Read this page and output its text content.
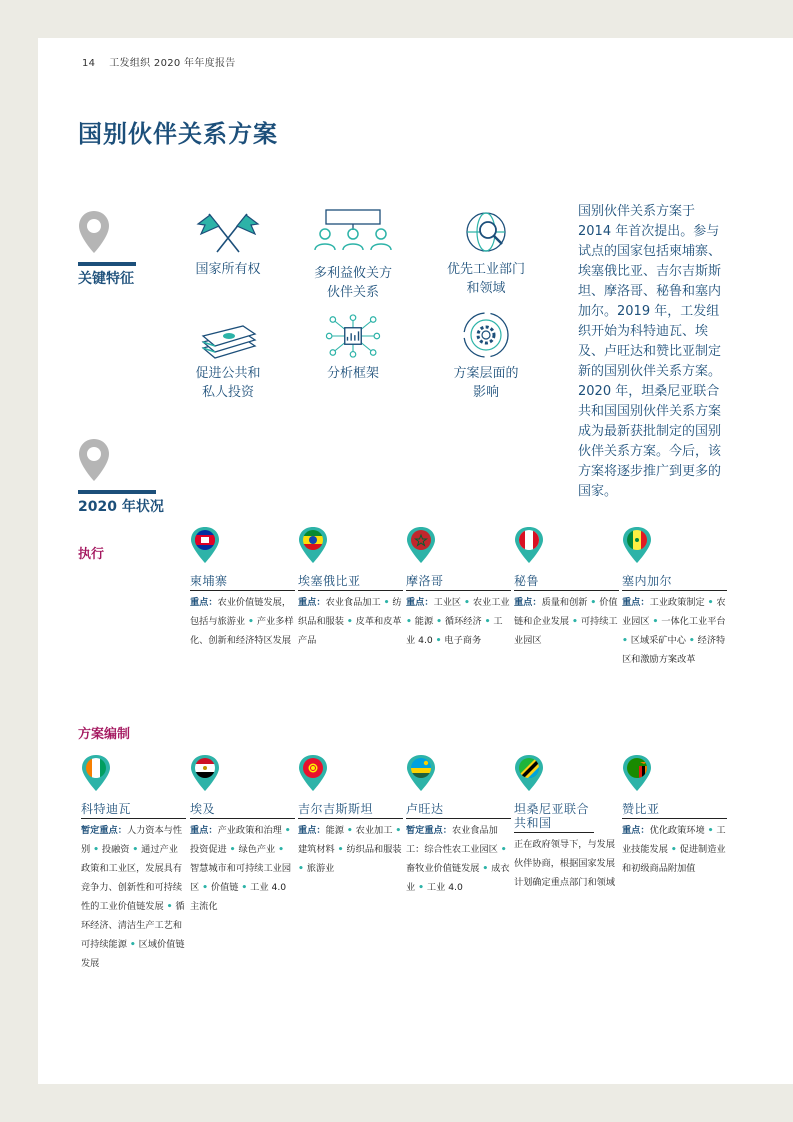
14 工发组织 2020 年年度报告
国别伙伴关系方案
关键特征
国家所有权	多利益攸关方
伙伴关系
优先工业部门
和领域
促进公共和
私人投资
分析框架	方案层面的
影响
国别伙伴关系方案于 2014 年首次提出。参与试点的国家包括柬埔寨、埃塞俄比亚、吉尔吉斯斯坦、摩洛哥、秘鲁和塞内加尔。2019 年，工发组织开始为科特迪瓦、埃及、卢旺达和赞比亚制定新的国别伙伴关系方案。2020 年，坦桑尼亚联合共和国国别伙伴关系方案成为最新获批制定的国别伙伴关系方案。今后，该方案将逐步推广到更多的国家。
2020 年状况
执行
柬埔寨
重点：农业价值链发展，包括与旅游业 • 产业多样化、创新和经济特区发展
埃塞俄比亚
重点：农业食品加工 • 纺织品和服装 • 皮革和皮革产品
摩洛哥
重点：工业区 • 农业工业 • 能源 • 循环经济 • 工业 4.0 • 电子商务
秘鲁
重点：质量和创新 • 价值链和企业发展 • 可持续工业园区
塞内加尔
重点：工业政策制定 • 农业园区 • 一体化工业平台 • 区域采矿中心 • 经济特区和激励方案改革
方案编制
科特迪瓦
暂定重点：人力资本与性别 • 投融资 • 通过产业政策和工业区，发展具有竞争力、创新性和可持续性的工业价值链发展 • 循环经济、清洁生产工艺和可持续能源 • 区域价值链发展
埃及
重点：产业政策和治理 • 投资促进 • 绿色产业 • 智慧城市和可持续工业园区 • 价值链 • 工业 4.0 主流化
吉尔吉斯斯坦
重点：能源 • 农业加工 • 建筑材料 • 纺织品和服装 • 旅游业
卢旺达
暂定重点：农业食品加工：综合性农工业园区 • 畜牧业价值链发展 • 成衣业 • 工业 4.0
坦桑尼亚联合共和国
正在政府领导下，与发展伙伴协商，根据国家发展计划确定重点部门和领域
赞比亚
重点：优化政策环境 • 工业技能发展 • 促进制造业和初级商品附加值
